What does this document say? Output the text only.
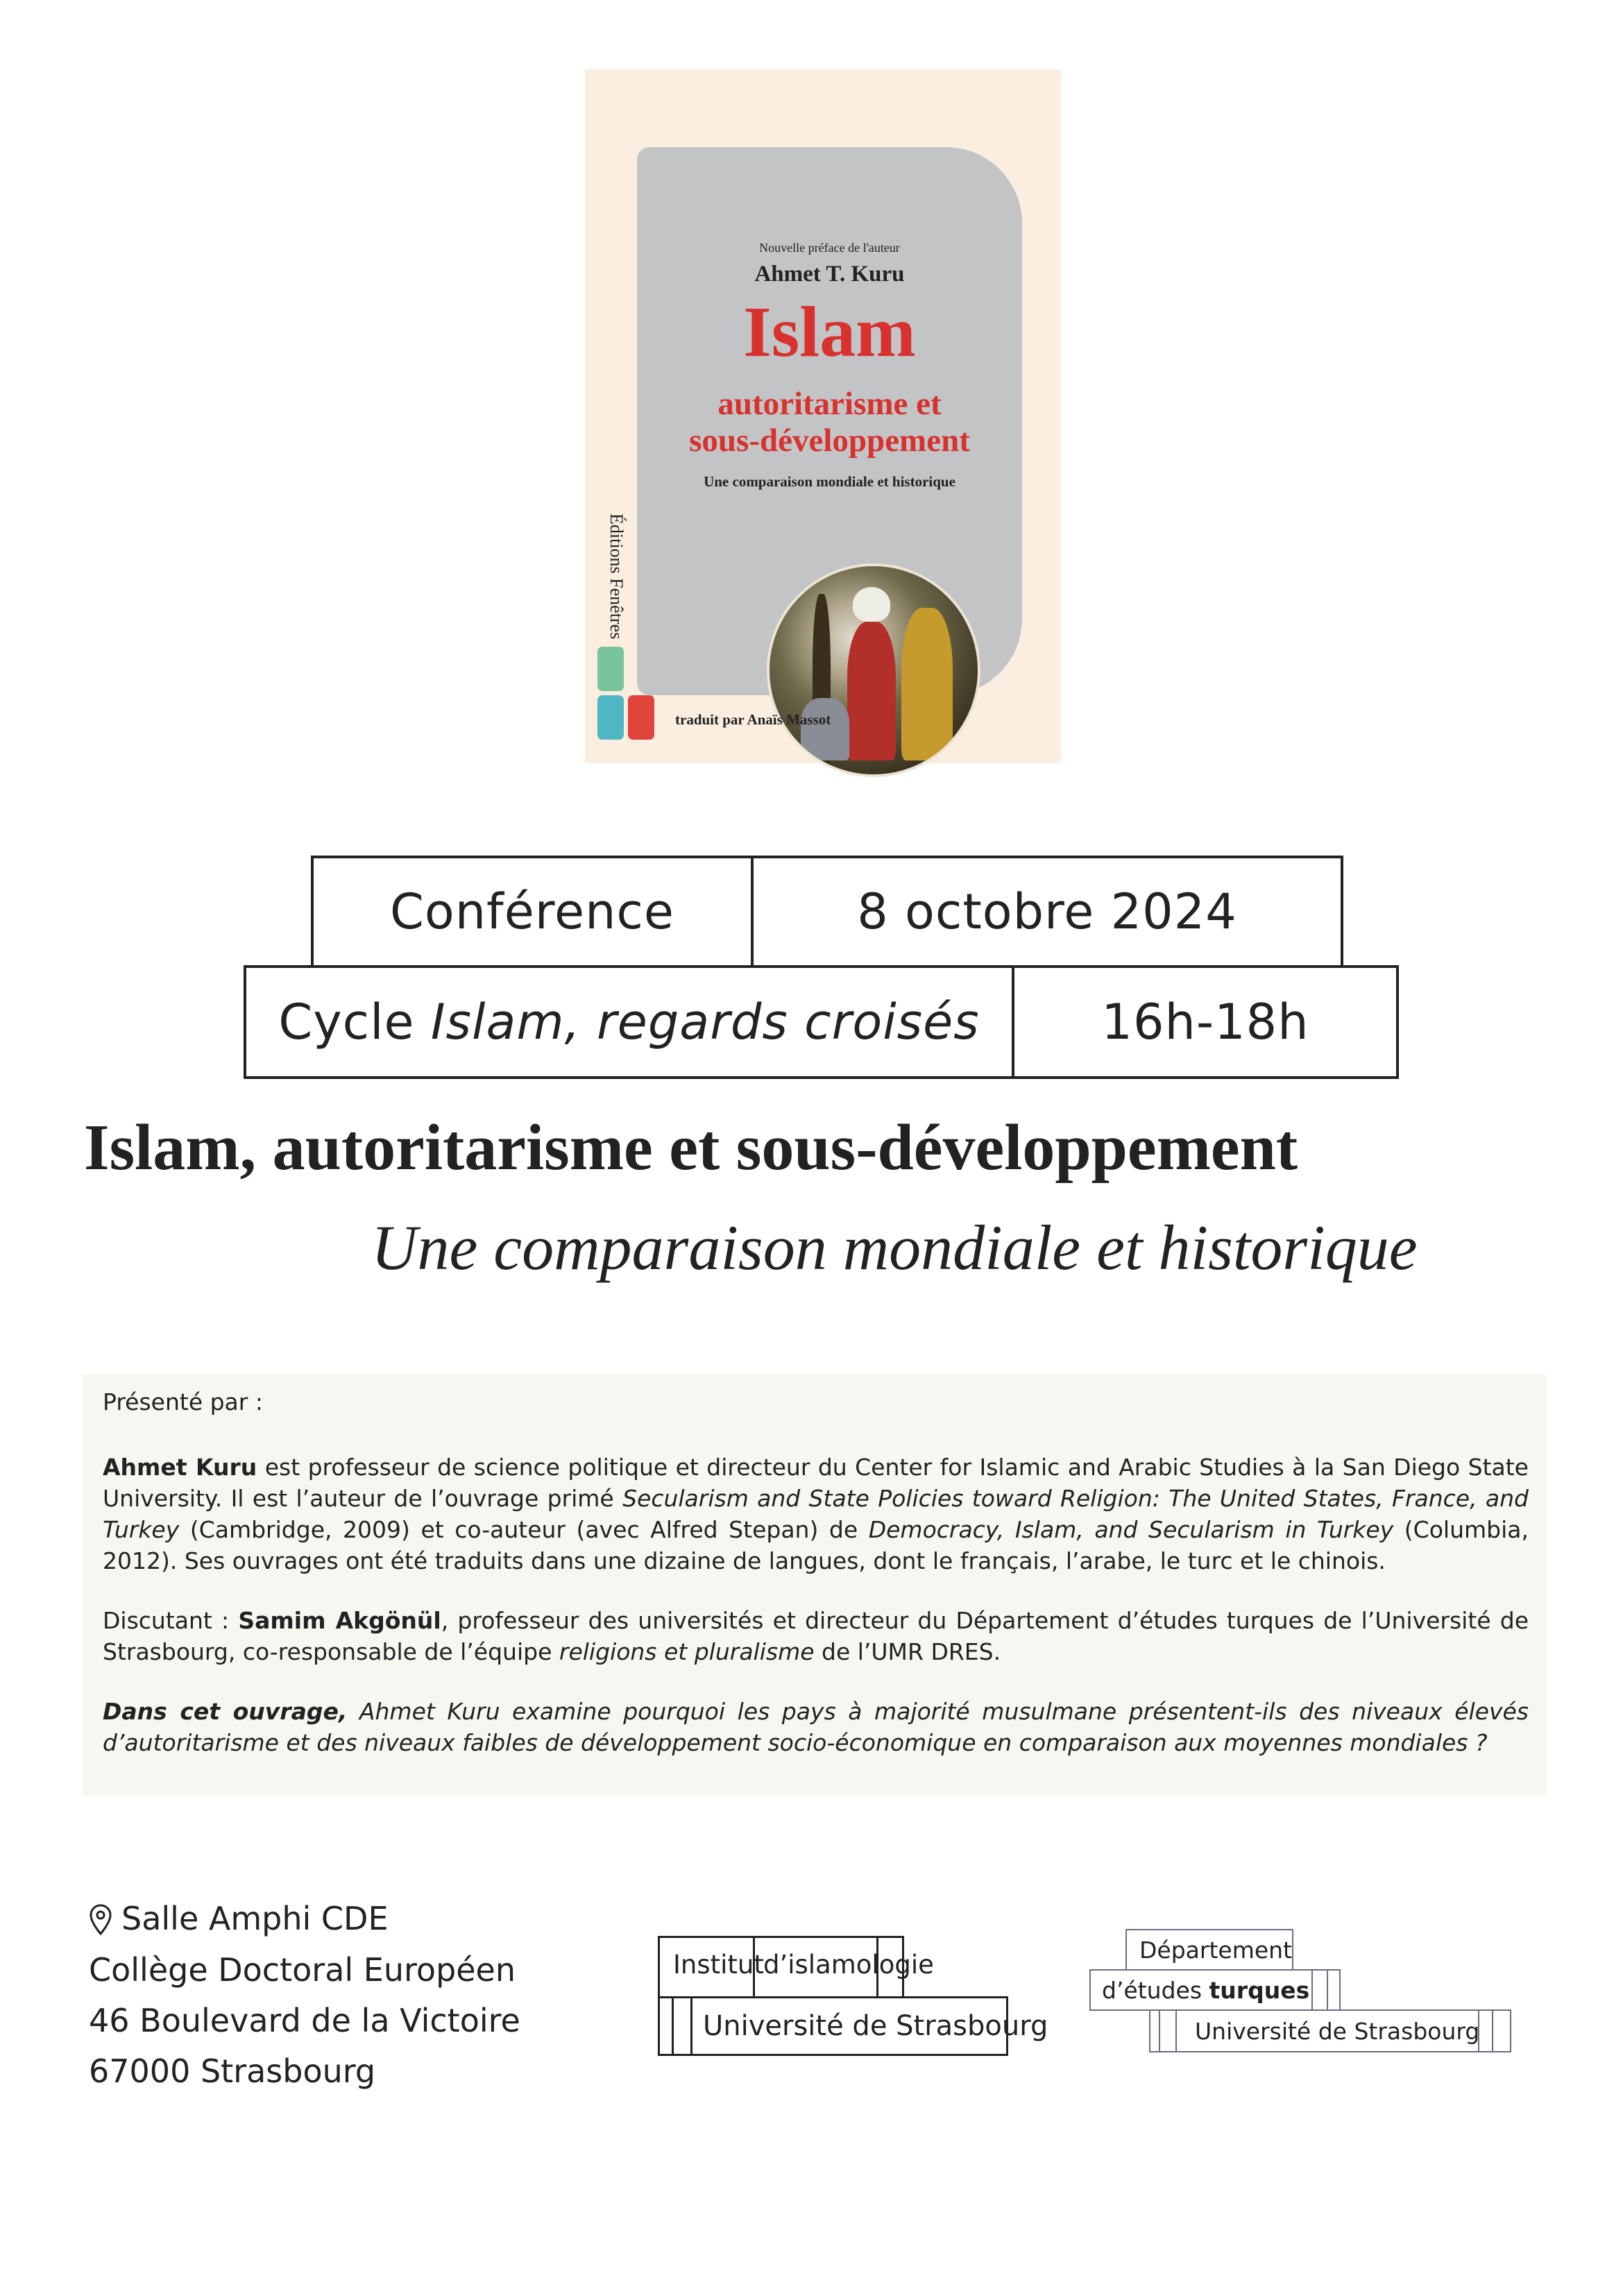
Nouvelle préface de l'auteur
Ahmet T. Kuru
Islam
autoritarisme et
sous-développement
Une comparaison mondiale et historique
Éditions Fenêtres
traduit par Anaïs Massot
Conférence	8 octobre 2024
Cycle Islam, regards croisés	16h-18h
Islam, autoritarisme et sous-développement
Une comparaison mondiale et historique
Présenté par :
Ahmet Kuru est professeur de science politique et directeur du Center for Islamic and Arabic Studies à la San Diego State University. Il est l’auteur de l’ouvrage primé Secularism and State Policies toward Religion: The United States, France, and Turkey (Cambridge, 2009) et co-auteur (avec Alfred Stepan) de Democracy, Islam, and Secularism in Turkey (Columbia, 2012). Ses ouvrages ont été traduits dans une dizaine de langues, dont le français, l’arabe, le turc et le chinois.
Discutant : Samim Akgönül, professeur des universités et directeur du Département d’études turques de l’Université de Strasbourg, co-responsable de l’équipe religions et pluralisme de l’UMR DRES.
Dans cet ouvrage, Ahmet Kuru examine pourquoi les pays à majorité musulmane présentent-ils des niveaux élevés d’autoritarisme et des niveaux faibles de développement socio-économique en comparaison aux moyennes mondiales ?
Salle Amphi CDE
Collège Doctoral Européen
46 Boulevard de la Victoire
67000 Strasbourg
Institut d’islamologie
Université de Strasbourg
Département
d’études turques
Université de Strasbourg
